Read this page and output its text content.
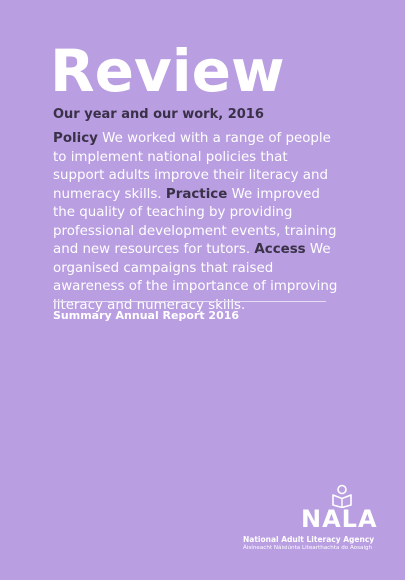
Review

Our year and our work, 2016

Policy We worked with a range of people to implement national policies that support adults improve their literacy and numeracy skills. Practice We improved the quality of teaching by providing professional development events, training and new resources for tutors. Access We organised campaigns that raised awareness of the importance of improving literacy and numeracy skills.

Summary Annual Report 2016

NALA

National Adult Literacy Agency

Áisíneacht Náisiúnta Litearthachta do Aosaigh
